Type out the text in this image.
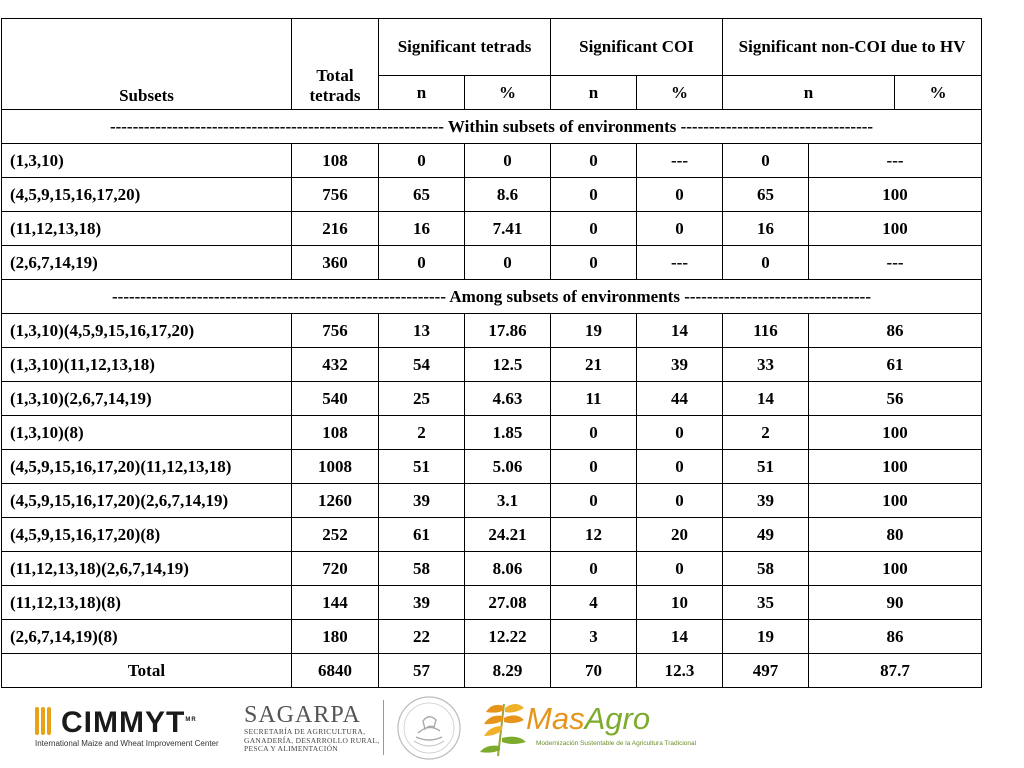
Subsets	Total tetrads	Significant tetrads		Significant COI		Significant non-COI due to HV		
		n	%	n	%	n		%
----------------------------------------------------------- Within subsets of environments ----------------------------------								
(1,3,10)	108	0	0	0	---	0	---	
(4,5,9,15,16,17,20)	756	65	8.6	0	0	65	100	
(11,12,13,18)	216	16	7.41	0	0	16	100	
(2,6,7,14,19)	360	0	0	0	---	0	---	
----------------------------------------------------------- Among subsets of environments ---------------------------------								
(1,3,10)(4,5,9,15,16,17,20)	756	13	17.86	19	14	116	86	
(1,3,10)(11,12,13,18)	432	54	12.5	21	39	33	61	
(1,3,10)(2,6,7,14,19)	540	25	4.63	11	44	14	56	
(1,3,10)(8)	108	2	1.85	0	0	2	100	
(4,5,9,15,16,17,20)(11,12,13,18)	1008	51	5.06	0	0	51	100	
(4,5,9,15,16,17,20)(2,6,7,14,19)	1260	39	3.1	0	0	39	100	
(4,5,9,15,16,17,20)(8)	252	61	24.21	12	20	49	80	
(11,12,13,18)(2,6,7,14,19)	720	58	8.06	0	0	58	100	
(11,12,13,18)(8)	144	39	27.08	4	10	35	90	
(2,6,7,14,19)(8)	180	22	12.22	3	14	19	86	
Total	6840	57	8.29	70	12.3	497	87.7	
$CIMMYT^{MR}$
International Maize and Wheat Improvement Center
SAGARPA
SECRETARÍA DE AGRICULTURA,
GANADERÍA, DESARROLLO RURAL,
PESCA Y ALIMENTACIÓN
MasAgro
Modernización Sustentable de la Agricultura Tradicional
